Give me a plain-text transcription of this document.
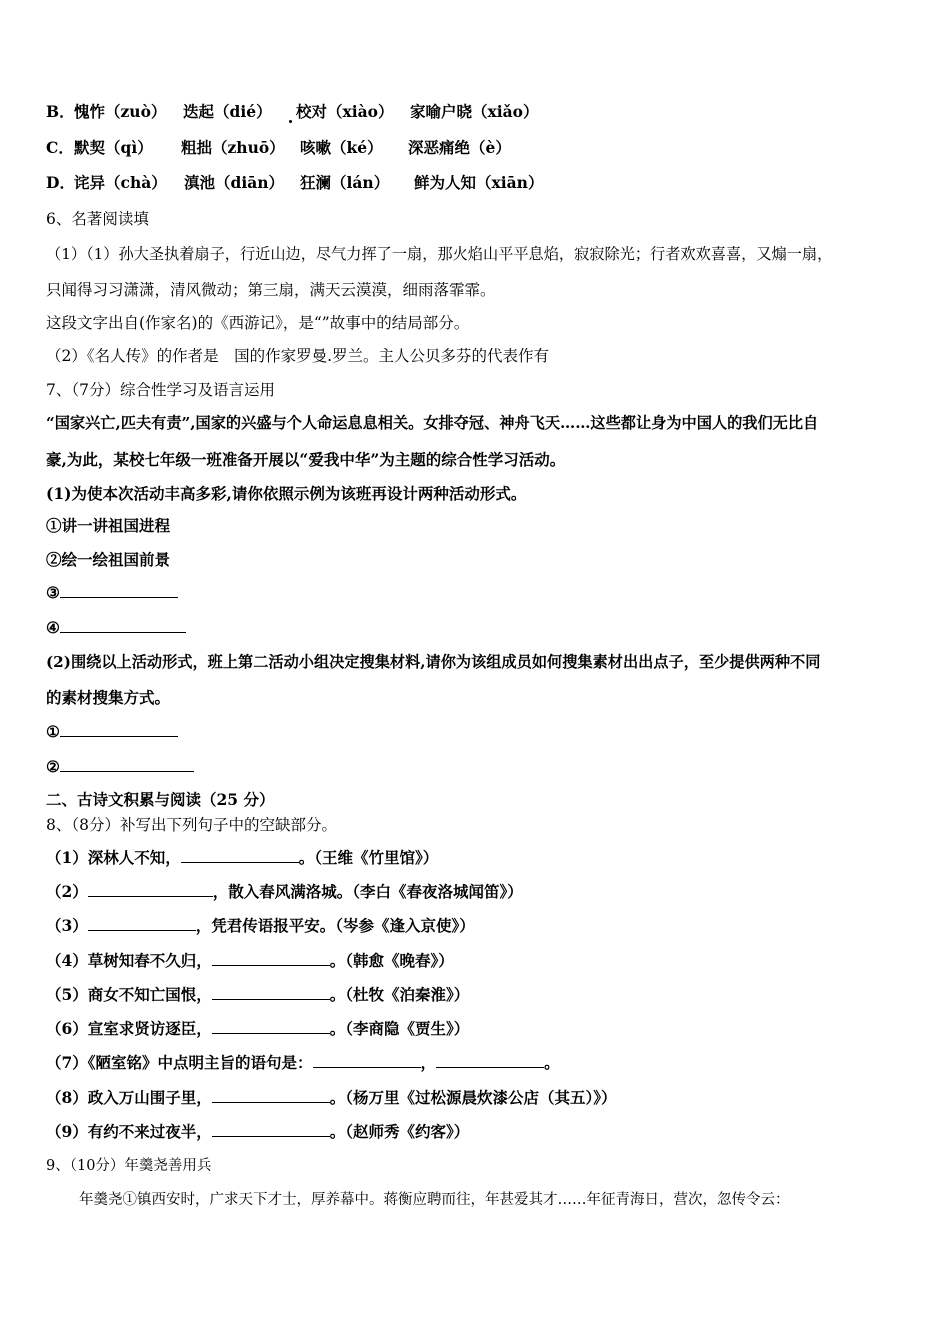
B． 愧怍（zuò） 迭起（dié） 校对（xiào） 家喻户晓（xiǎo）
C． 默契（qì） 粗拙（zhuō） 咳嗽（ké） 深恶痛绝（è）
D． 诧异（chà） 滇池（diān） 狂澜（lán） 鲜为人知（xiān）
6、名著阅读填
（1）（1）孙大圣执着扇子，行近山边，尽气力挥了一扇，那火焰山平平息焰，寂寂除光；行者欢欢喜喜，又煽一扇，
只闻得习习潇潇，清风微动；第三扇，满天云漠漠，细雨落霏霏。
这段文字出自(作家名)的《西游记》，是“”故事中的结局部分。
（2）《名人传》的作者是　国的作家罗曼.罗兰。主人公贝多芬的代表作有
7、（7分）综合性学习及语言运用
“国家兴亡,匹夫有责”,国家的兴盛与个人命运息息相关。女排夺冠、神舟飞天……这些都让身为中国人的我们无比自
豪,为此，某校七年级一班准备开展以“爱我中华”为主题的综合性学习活动。
(1)为使本次活动丰高多彩,请你依照示例为该班再设计两种活动形式。
①讲一讲祖国进程
②绘一绘祖国前景
③
④
(2)围绕以上活动形式，班上第二活动小组决定搜集材料,请你为该组成员如何搜集素材出出点子，至少提供两种不同
的素材搜集方式。
①
②
二、古诗文积累与阅读（25 分）
8、（8分）补写出下列句子中的空缺部分。
（1）深林人不知，	。（王维《竹里馆》）
（2）	，散入春风满洛城。（李白《春夜洛城闻笛》）
（3）	，凭君传语报平安。（岑参《逢入京使》）
（4）草树知春不久归，	。（韩愈《晚春》）
（5）商女不知亡国恨，	。（杜牧《泊秦淮》）
（6）宣室求贤访逐臣，	。（李商隐《贾生》）
（7）《陋室铭》中点明主旨的语句是：	，	。
（8）政入万山围子里，	。（杨万里《过松源晨炊漆公店（其五）》）
（9）有约不来过夜半，	。（赵师秀《约客》）
9、（10分）年羹尧善用兵
年羹尧①镇西安时，广求天下才士，厚养幕中。蒋衡应聘而往，年甚爱其才……年征青海日，营次，忽传令云：
